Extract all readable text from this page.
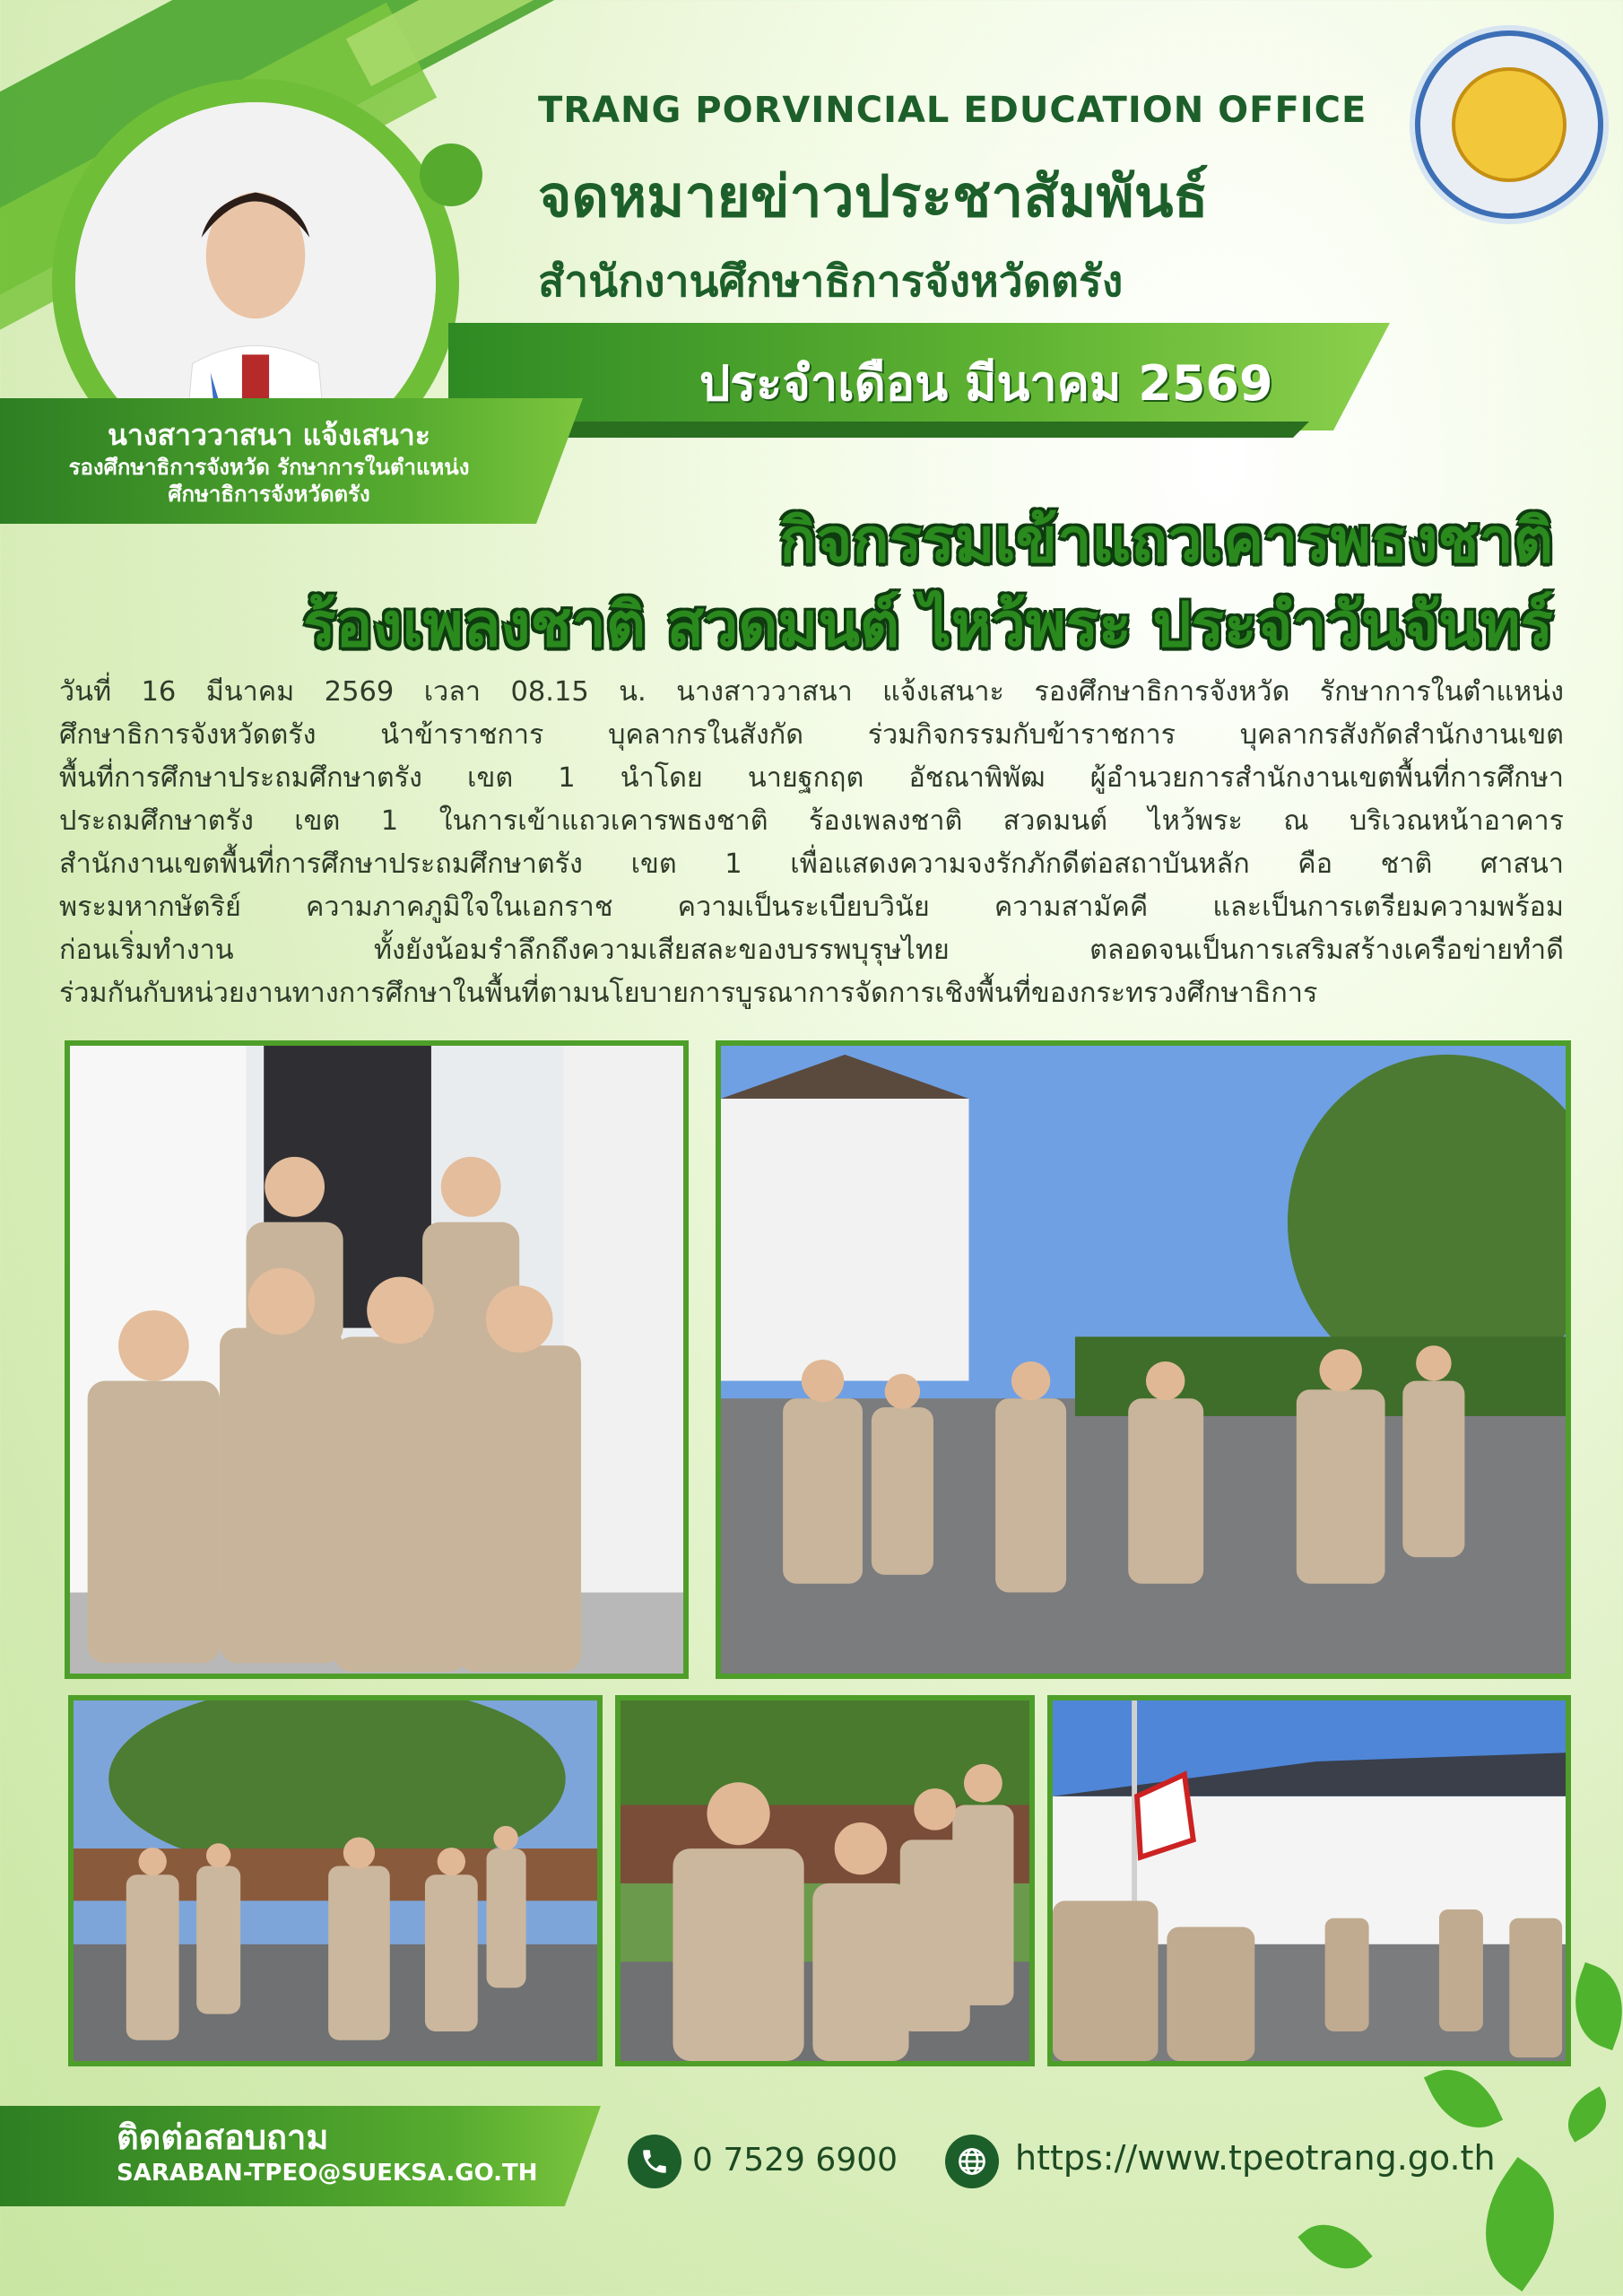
TRANG PORVINCIAL EDUCATION OFFICE
จดหมายข่าวประชาสัมพันธ์
สำนักงานศึกษาธิการจังหวัดตรัง
ประจำเดือน มีนาคม 2569
นางสาววาสนา แจ้งเสนาะ
รองศึกษาธิการจังหวัด รักษาการในตำแหน่ง
ศึกษาธิการจังหวัดตรัง
กิจกรรมเข้าแถวเคารพธงชาติ
ร้องเพลงชาติ สวดมนต์ ไหว้พระ ประจำวันจันทร์
วันที่ 16 มีนาคม 2569 เวลา 08.15 น. นางสาววาสนา แจ้งเสนาะ รองศึกษาธิการจังหวัด รักษาการในตำแหน่ง
ศึกษาธิการจังหวัดตรัง นำข้าราชการ บุคลากรในสังกัด ร่วมกิจกรรมกับข้าราชการ บุคลากรสังกัดสำนักงานเขต
พื้นที่การศึกษาประถมศึกษาตรัง เขต 1 นำโดย นายฐกฤต อัชณาพิพัฒ ผู้อำนวยการสำนักงานเขตพื้นที่การศึกษา
ประถมศึกษาตรัง เขต 1 ในการเข้าแถวเคารพธงชาติ ร้องเพลงชาติ สวดมนต์ ไหว้พระ ณ บริเวณหน้าอาคาร
สำนักงานเขตพื้นที่การศึกษาประถมศึกษาตรัง เขต 1 เพื่อแสดงความจงรักภักดีต่อสถาบันหลัก คือ ชาติ ศาสนา
พระมหากษัตริย์ ความภาคภูมิใจในเอกราช ความเป็นระเบียบวินัย ความสามัคคี และเป็นการเตรียมความพร้อม
ก่อนเริ่มทำงาน ทั้งยังน้อมรำลึกถึงความเสียสละของบรรพบุรุษไทย ตลอดจนเป็นการเสริมสร้างเครือข่ายทำดี
ร่วมกันกับหน่วยงานทางการศึกษาในพื้นที่ตามนโยบายการบูรณาการจัดการเชิงพื้นที่ของกระทรวงศึกษาธิการ
ติดต่อสอบถาม
SARABAN-TPEO@SUEKSA.GO.TH	0 7529 6900	https://www.tpeotrang.go.th
